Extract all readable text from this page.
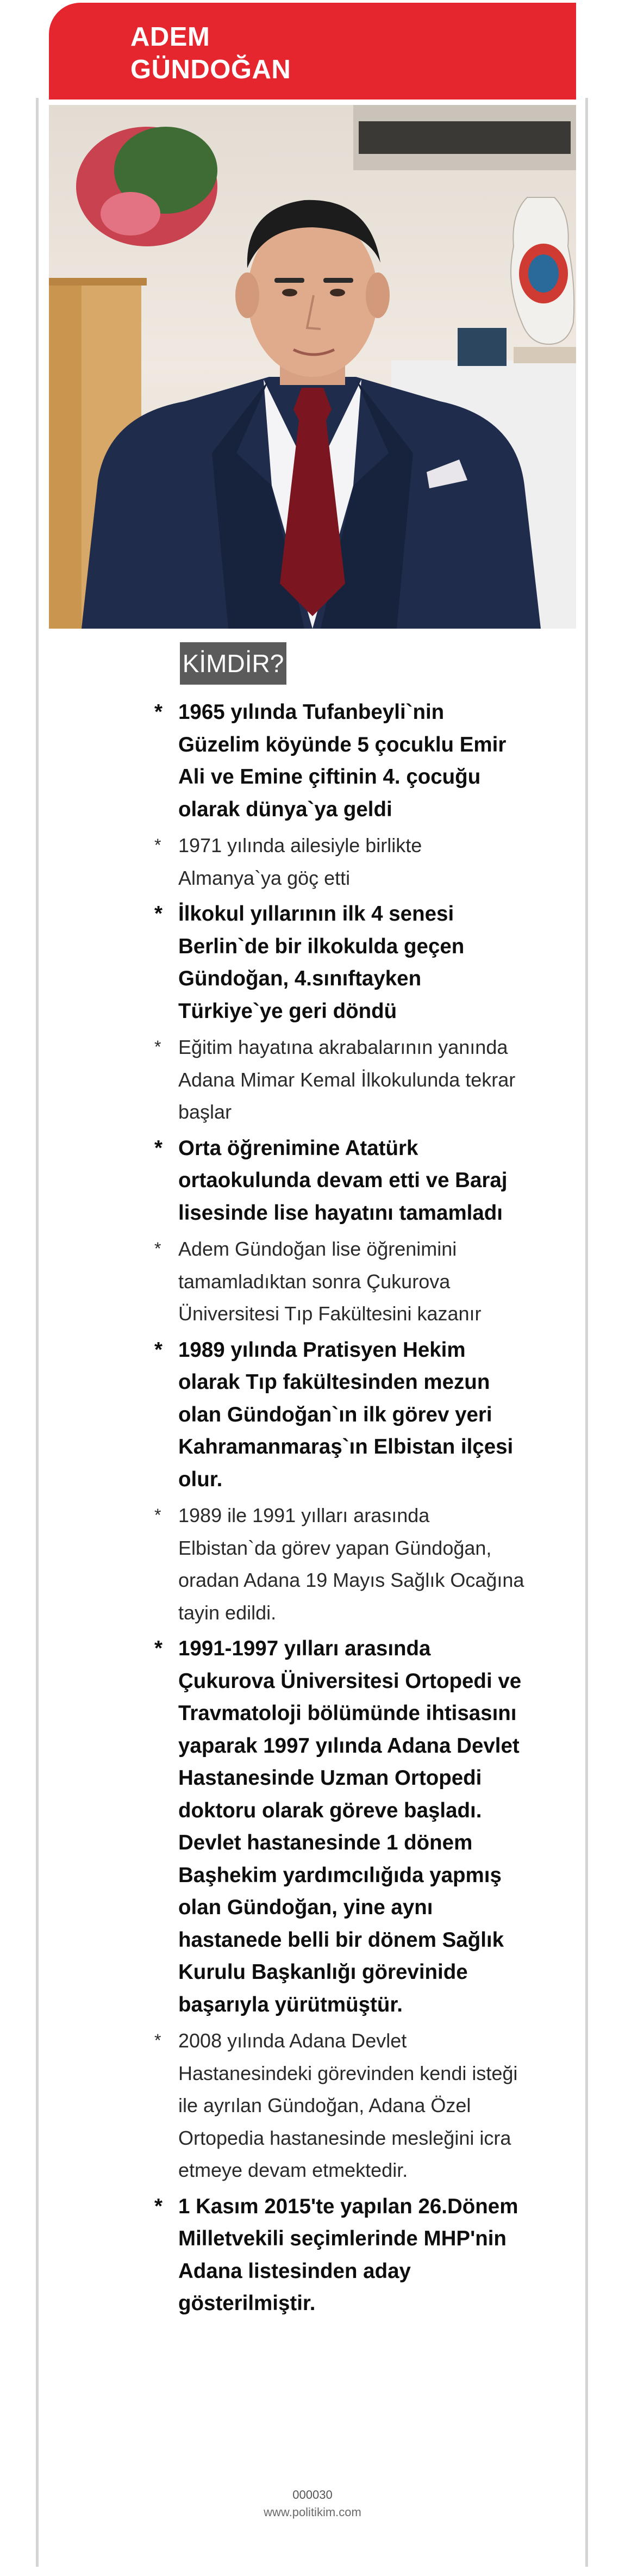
ADEM
GÜNDOĞAN
KİMDİR?
* 1965 yılında Tufanbeyli`nin Güzelim köyünde 5 çocuklu Emir Ali ve Emine çiftinin 4. çocuğu olarak dünya`ya geldi
* 1971 yılında ailesiyle birlikte Almanya`ya göç etti
* İlkokul yıllarının ilk 4 senesi Berlin`de bir ilkokulda geçen Gündoğan, 4.sınıftayken Türkiye`ye geri döndü
* Eğitim hayatına akrabalarının yanında Adana Mimar Kemal İlkokulunda tekrar başlar
* Orta öğrenimine Atatürk ortaokulunda devam etti ve Baraj lisesinde lise hayatını tamamladı
* Adem Gündoğan lise öğrenimini tamamladıktan sonra Çukurova Üniversitesi Tıp Fakültesini kazanır
* 1989 yılında Pratisyen Hekim olarak Tıp fakültesinden mezun olan Gündoğan`ın ilk görev yeri Kahramanmaraş`ın Elbistan ilçesi olur.
* 1989 ile 1991 yılları arasında Elbistan`da görev yapan Gündoğan, oradan Adana 19 Mayıs Sağlık Ocağına tayin edildi.
* 1991-1997 yılları arasında Çukurova Üniversitesi Ortopedi ve Travmatoloji bölümünde ihtisasını yaparak 1997 yılında Adana Devlet Hastanesinde Uzman Ortopedi doktoru olarak göreve başladı. Devlet hastanesinde 1 dönem Başhekim yardımcılığıda yapmış olan Gündoğan, yine aynı hastanede belli bir dönem Sağlık Kurulu Başkanlığı görevinide başarıyla yürütmüştür.
* 2008 yılında Adana Devlet Hastanesindeki görevinden kendi isteği ile ayrılan Gündoğan, Adana Özel Ortopedia hastanesinde mesleğini icra etmeye devam etmektedir.
* 1 Kasım 2015'te yapılan 26.Dönem Milletvekili seçimlerinde MHP'nin Adana listesinden aday gösterilmiştir.
000030
www.politikim.com
